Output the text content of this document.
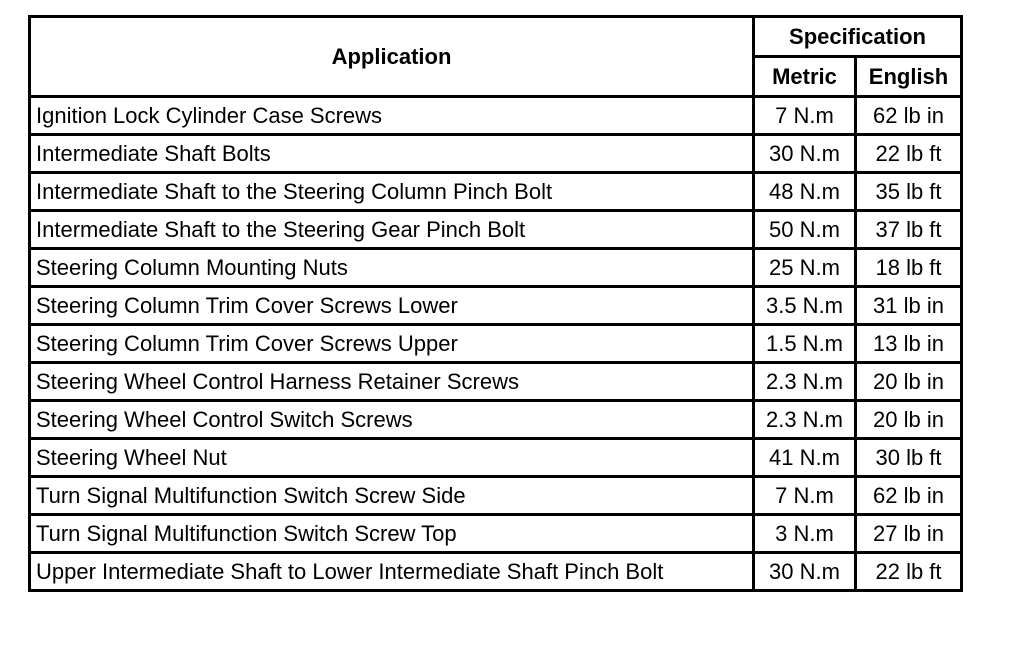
Application	Specification	
	Metric	English
Ignition Lock Cylinder Case Screws	7 N.m	62 lb in
Intermediate Shaft Bolts	30 N.m	22 lb ft
Intermediate Shaft to the Steering Column Pinch Bolt	48 N.m	35 lb ft
Intermediate Shaft to the Steering Gear Pinch Bolt	50 N.m	37 lb ft
Steering Column Mounting Nuts	25 N.m	18 lb ft
Steering Column Trim Cover Screws Lower	3.5 N.m	31 lb in
Steering Column Trim Cover Screws Upper	1.5 N.m	13 lb in
Steering Wheel Control Harness Retainer Screws	2.3 N.m	20 lb in
Steering Wheel Control Switch Screws	2.3 N.m	20 lb in
Steering Wheel Nut	41 N.m	30 lb ft
Turn Signal Multifunction Switch Screw Side	7 N.m	62 lb in
Turn Signal Multifunction Switch Screw Top	3 N.m	27 lb in
Upper Intermediate Shaft to Lower Intermediate Shaft Pinch Bolt	30 N.m	22 lb ft
